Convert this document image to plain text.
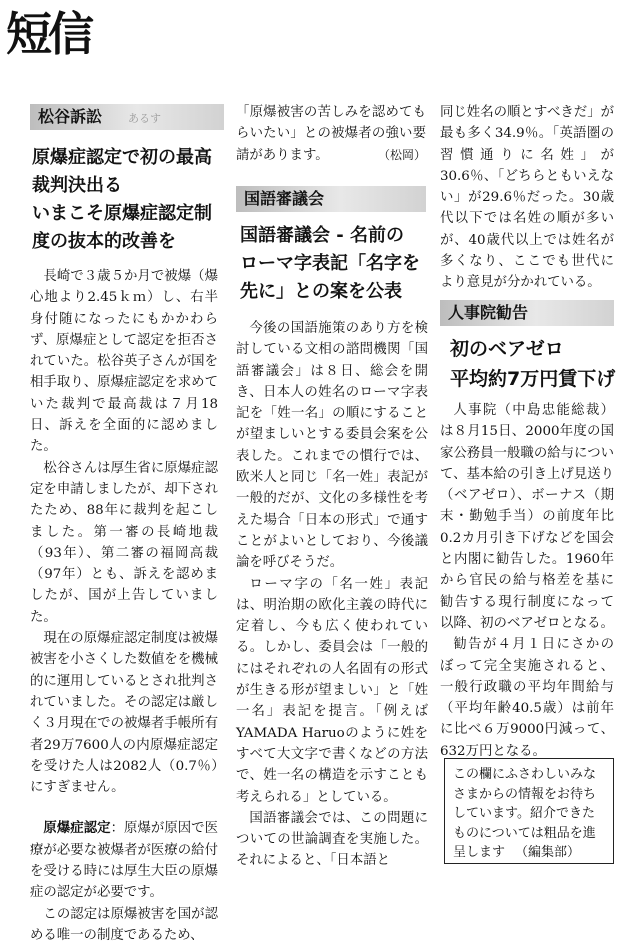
短信
松谷訴訟 あるす
原爆症認定で初の最高
裁判決出る
いまこそ原爆症認定制
度の抜本的改善を

長崎で３歳５か月で被爆（爆心地より2.45ｋｍ）し、右半身付随になったにもかかわらず、原爆症として認定を拒否されていた。松谷英子さんが国を相手取り、原爆症認定を求めていた裁判で最高裁は７月18日、訴えを全面的に認めました。

松谷さんは厚生省に原爆症認定を申請しましたが、却下されたため、88年に裁判を起こしました。第一審の長崎地裁（93年）、第二審の福岡高裁（97年）とも、訴えを認めましたが、国が上告していました。

現在の原爆症認定制度は被爆被害を小さくした数値をを機械的に運用しているとされ批判されていました。その認定は厳しく３月現在での被爆者手帳所有者29万7600人の内原爆症認定を受けた人は2082人（0.7％）にすぎません。

原爆症認定：原爆が原因で医療が必要な被爆者が医療の給付を受ける時には厚生大臣の原爆症の認定が必要です。

この認定は原爆被害を国が認める唯一の制度であるため、

「原爆被害の苦しみを認めてもらいたい」との被爆者の強い要請があります。	（松岡）

国語審議会
国語審議会 - 名前の
ローマ字表記「名字を
先に」との案を公表

今後の国語施策のあり方を検討している文相の諮問機関「国語審議会」は８日、総会を開き、日本人の姓名のローマ字表記を「姓一名」の順にすることが望ましいとする委員会案を公表した。これまでの慣行では、欧米人と同じ「名一姓」表記が一般的だが、文化の多様性を考えた場合「日本の形式」で通すことがよいとしており、今後議論を呼びそうだ。

ローマ字の「名一姓」表記は、明治期の欧化主義の時代に定着し、今も広く使われている。しかし、委員会は「一般的にはそれぞれの人名固有の形式が生きる形が望ましい」と「姓一名」表記を提言。「例えばYAMADA Haruoのように姓をすべて大文字で書くなどの方法で、姓一名の構造を示すことも考えられる」としている。

国語審議会では、この問題についての世論調査を実施した。それによると、「日本語と

同じ姓名の順とすべきだ」が最も多く34.9％。「英語圏の習慣通りに名姓」が30.6％、「どちらともいえない」が29.6％だった。30歳代以下では名姓の順が多いが、40歳代以上では姓名が多くなり、ここでも世代により意見が分かれている。

人事院勧告
初のベアゼロ
平均約7万円賃下げ

人事院（中島忠能総裁）は８月15日、2000年度の国家公務員一般職の給与について、基本給の引き上げ見送り（ベアゼロ）、ボーナス（期末・勤勉手当）の前度年比0.2カ月引き下げなどを国会と内閣に勧告した。1960年から官民の給与格差を基に勧告する現行制度になって以降、初のベアゼロとなる。

勧告が４月１日にさかのぼって完全実施されると、一般行政職の平均年間給与（平均年齢40.5歳）は前年に比べ６万9000円減って、632万円となる。

この欄にふさわしいみなさまからの情報をお待ちしています。紹介できたものについては粗品を進呈します （編集部）
